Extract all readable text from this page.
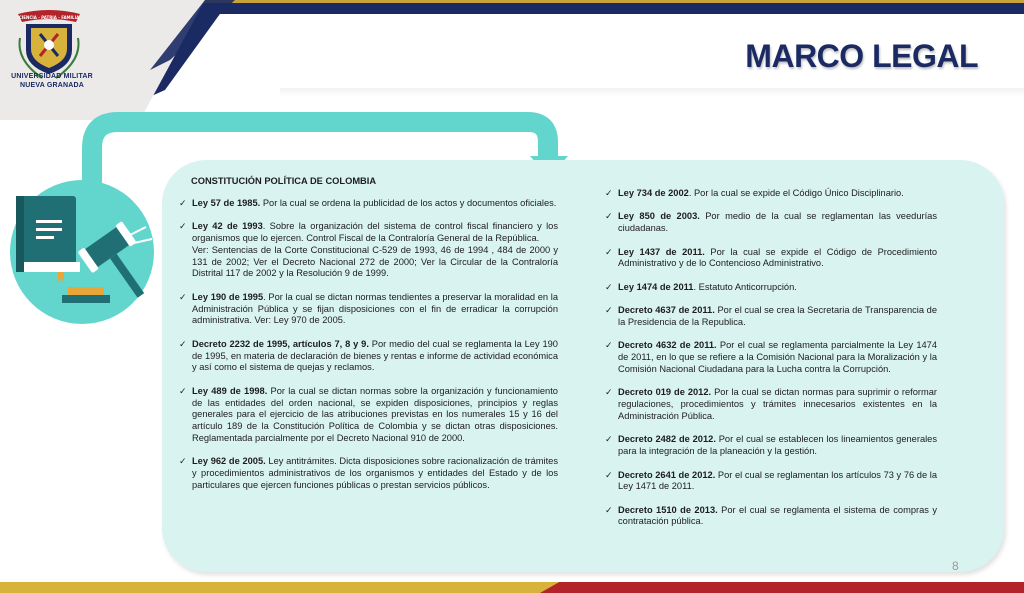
MARCO LEGAL
CIENCIA · PATRIA · FAMILIA
UNIVERSIDAD MILITAR
NUEVA GRANADA
CONSTITUCIÓN POLÍTICA DE COLOMBIA
✓ Ley 57 de 1985. Por la cual se ordena la publicidad de los actos y documentos oficiales.
✓ Ley 42 de 1993. Sobre la organización del sistema de control fiscal financiero y los organismos que lo ejercen. Control Fiscal de la Contraloría General de la República.
Ver: Sentencias de la Corte Constitucional C-529 de 1993, 46 de 1994 , 484 de 2000 y 131 de 2002; Ver el Decreto Nacional 272 de 2000; Ver la Circular de la Contraloría Distrital 117 de 2002 y la Resolución 9 de 1999.
✓ Ley 190 de 1995. Por la cual se dictan normas tendientes a preservar la moralidad en la Administración Pública y se fijan disposiciones con el fin de erradicar la corrupción administrativa. Ver: Ley 970 de 2005.
✓ Decreto 2232 de 1995, artículos 7, 8 y 9. Por medio del cual se reglamenta la Ley 190 de 1995, en materia de declaración de bienes y rentas e informe de actividad económica y así como el sistema de quejas y reclamos.
✓ Ley 489 de 1998. Por la cual se dictan normas sobre la organización y funcionamiento de las entidades del orden nacional, se expiden disposiciones, principios y reglas generales para el ejercicio de las atribuciones previstas en los numerales 15 y 16 del artículo 189 de la Constitución Política de Colombia y se dictan otras disposiciones. Reglamentada parcialmente por el Decreto Nacional 910 de 2000.
✓ Ley 962 de 2005. Ley antitrámites. Dicta disposiciones sobre racionalización de trámites y procedimientos administrativos de los organismos y entidades del Estado y de los particulares que ejercen funciones públicas o prestan servicios públicos.
✓ Ley 734 de 2002. Por la cual se expide el Código Único Disciplinario.
✓ Ley 850 de 2003. Por medio de la cual se reglamentan las veedurías ciudadanas.
✓ Ley 1437 de 2011. Por la cual se expide el Código de Procedimiento Administrativo y de lo Contencioso Administrativo.
✓ Ley 1474 de 2011. Estatuto Anticorrupción.
✓ Decreto 4637 de 2011. Por el cual se crea la Secretaria de Transparencia de la Presidencia de la Republica.
✓ Decreto 4632 de 2011. Por el cual se reglamenta parcialmente la Ley 1474 de 2011, en lo que se refiere a la Comisión Nacional para la Moralización y la Comisión Nacional Ciudadana para la Lucha contra la Corrupción.
✓ Decreto 019 de 2012. Por la cual se dictan normas para suprimir o reformar regulaciones, procedimientos y trámites innecesarios existentes en la Administración Pública.
✓ Decreto 2482 de 2012. Por el cual se establecen los lineamientos generales para la integración de la planeación y la gestión.
✓ Decreto 2641 de 2012. Por el cual se reglamentan los artículos 73 y 76 de la Ley 1471 de 2011.
✓ Decreto 1510 de 2013. Por el cual se reglamenta el sistema de compras y contratación pública.
8
